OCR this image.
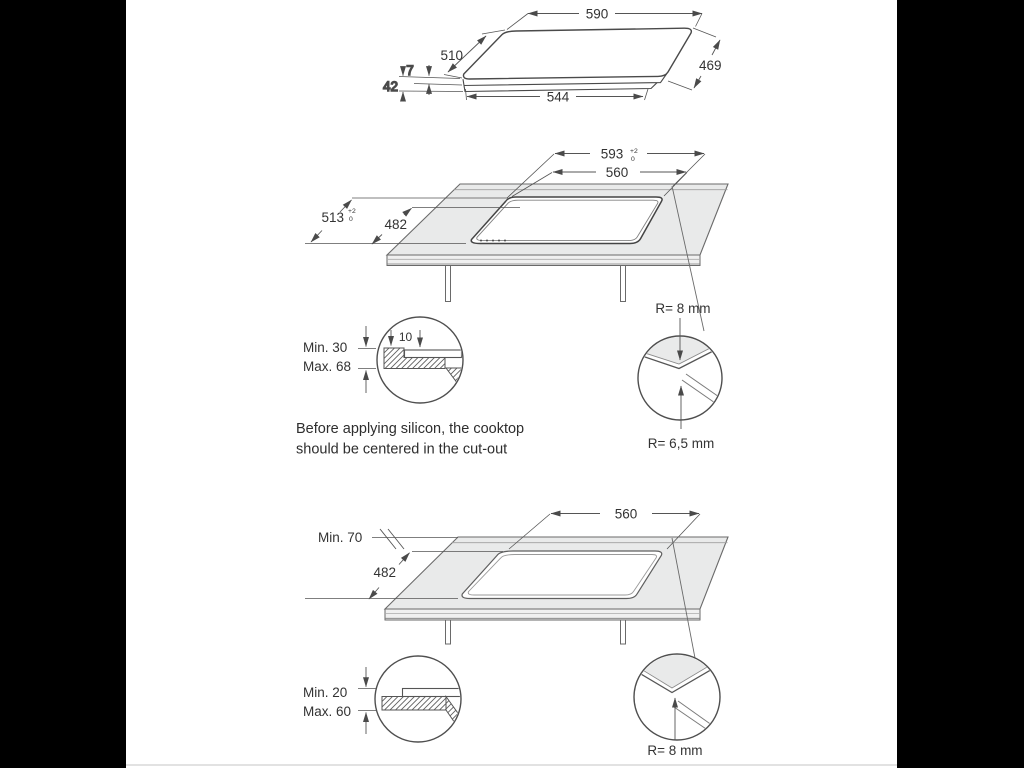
590
510
469
544
7
42
593 +2
0
560
513 +2
0 482
10
Min. 30
Max. 68
R= 8 mm
R= 6,5 mm
Before applying silicon, the cooktop
should be centered in the cut-out
560
Min. 70
482
Min. 20
Max. 60
R= 8 mm
